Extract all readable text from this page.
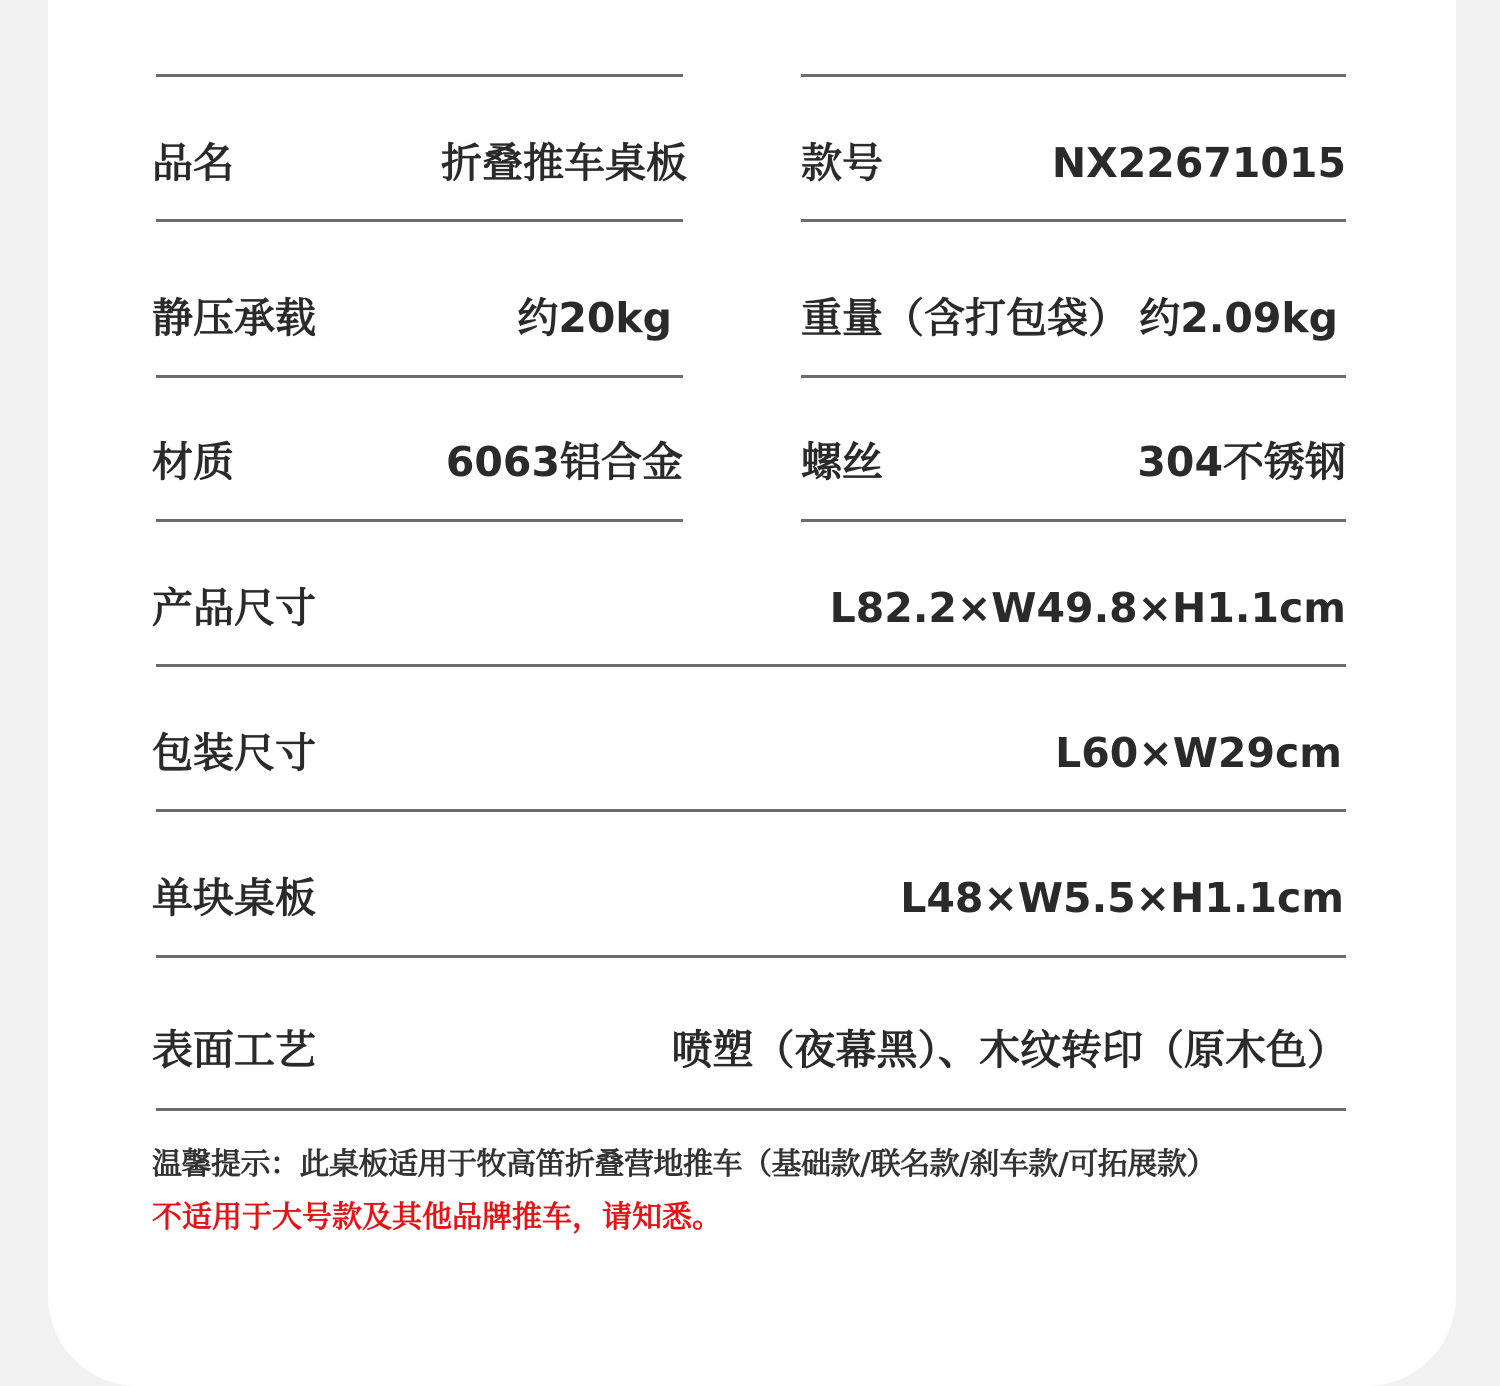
品名	折叠推车桌板	款号	NX22671015
静压承载	约20kg	重量（含打包袋） 约2.09kg
材质	6063铝合金	螺丝	304不锈钢
产品尺寸	L82.2×W49.8×H1.1cm
包装尺寸	L60×W29cm
单块桌板	L48×W5.5×H1.1cm
表面工艺	喷塑（夜幕黑）、木纹转印（原木色）
温馨提示：此桌板适用于牧高笛折叠营地推车（基础款/联名款/刹车款/可拓展款）
不适用于大号款及其他品牌推车，请知悉。
